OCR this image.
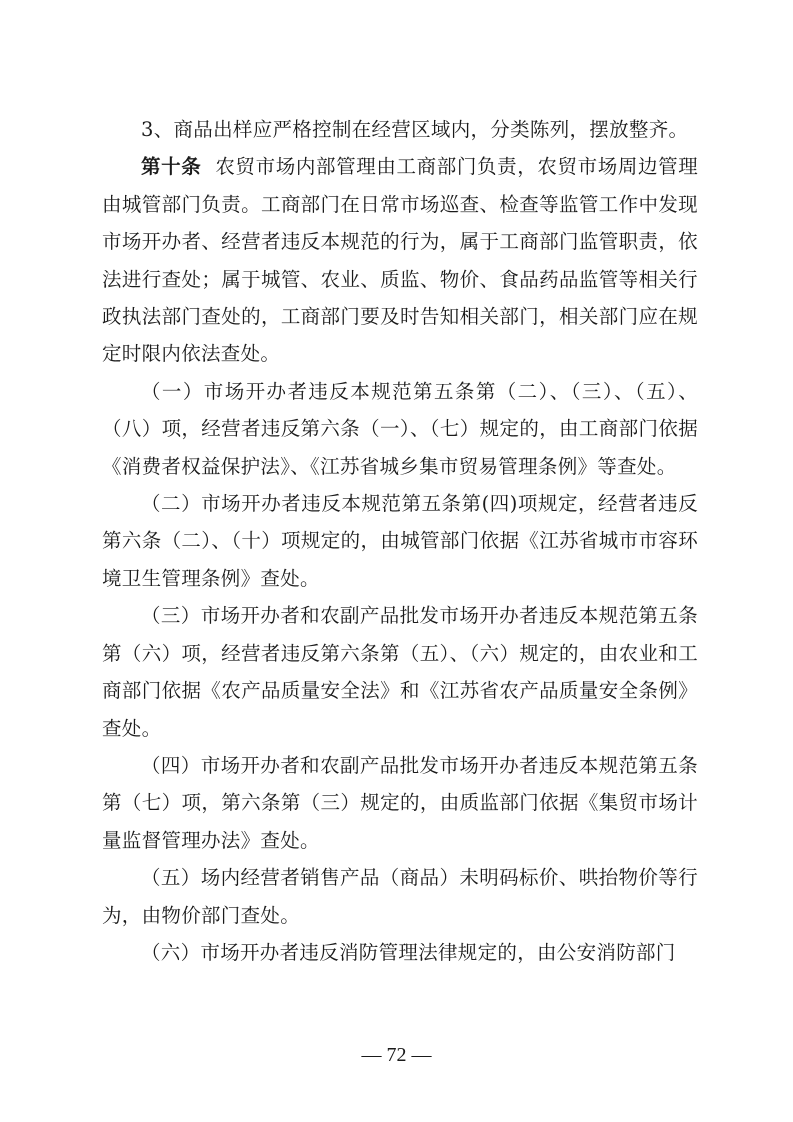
3、商品出样应严格控制在经营区域内，分类陈列，摆放整齐。

第十条 农贸市场内部管理由工商部门负责，农贸市场周边管理由城管部门负责。工商部门在日常市场巡查、检查等监管工作中发现市场开办者、经营者违反本规范的行为，属于工商部门监管职责，依法进行查处；属于城管、农业、质监、物价、食品药品监管等相关行政执法部门查处的，工商部门要及时告知相关部门，相关部门应在规定时限内依法查处。

（一）市场开办者违反本规范第五条第（二）、（三）、（五）、（八）项，经营者违反第六条（一）、（七）规定的，由工商部门依据《消费者权益保护法》、《江苏省城乡集市贸易管理条例》等查处。

（二）市场开办者违反本规范第五条第(四)项规定，经营者违反第六条（二）、（十）项规定的，由城管部门依据《江苏省城市市容环境卫生管理条例》查处。

（三）市场开办者和农副产品批发市场开办者违反本规范第五条第（六）项，经营者违反第六条第（五）、（六）规定的，由农业和工商部门依据《农产品质量安全法》和《江苏省农产品质量安全条例》查处。

（四）市场开办者和农副产品批发市场开办者违反本规范第五条第（七）项，第六条第（三）规定的，由质监部门依据《集贸市场计量监督管理办法》查处。

（五）场内经营者销售产品（商品）未明码标价、哄抬物价等行为，由物价部门查处。

（六）市场开办者违反消防管理法律规定的，由公安消防部门

— 72 —
